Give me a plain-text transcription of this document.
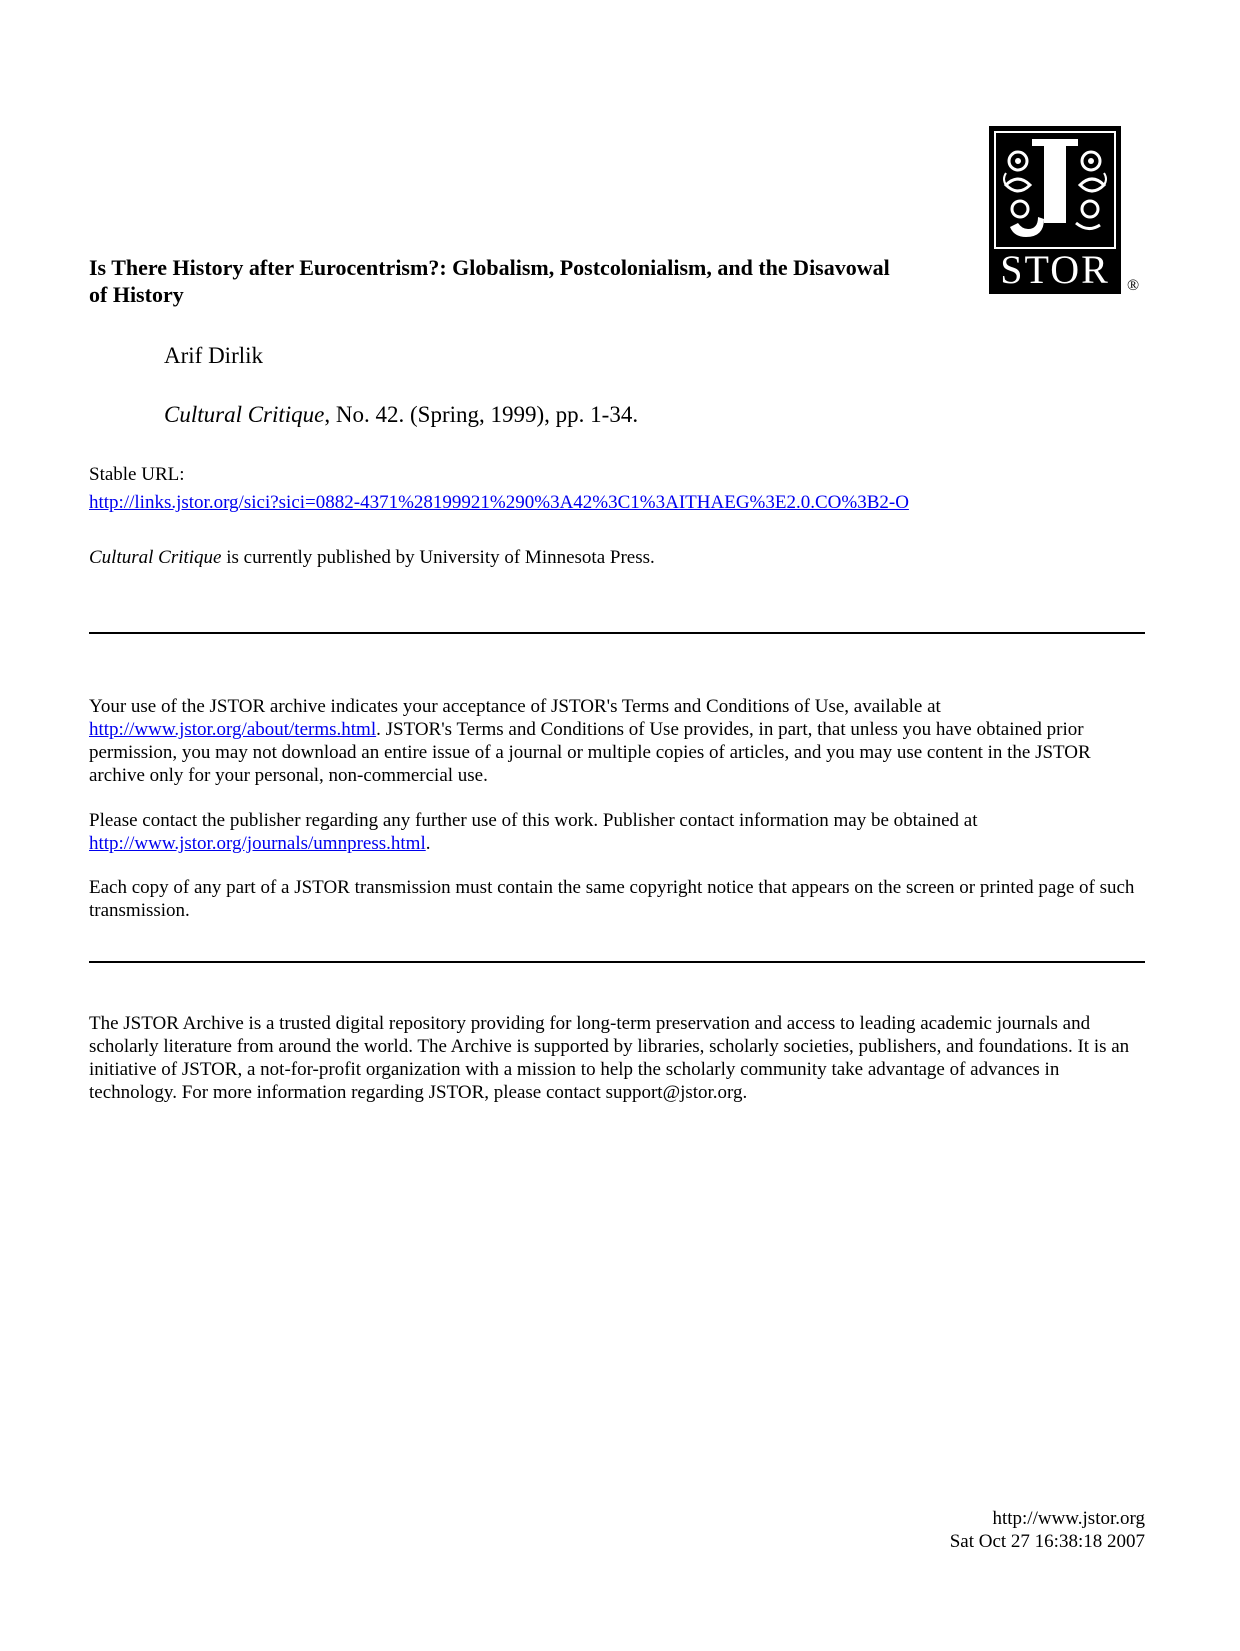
STOR	®
Is There History after Eurocentrism?: Globalism, Postcolonialism, and the Disavowal of History
Arif Dirlik
Cultural Critique, No. 42. (Spring, 1999), pp. 1-34.
Stable URL:
http://links.jstor.org/sici?sici=0882-4371%28199921%290%3A42%3C1%3AITHAEG%3E2.0.CO%3B2-O
Cultural Critique is currently published by University of Minnesota Press.

Your use of the JSTOR archive indicates your acceptance of JSTOR's Terms and Conditions of Use, available at http://www.jstor.org/about/terms.html. JSTOR's Terms and Conditions of Use provides, in part, that unless you have obtained prior permission, you may not download an entire issue of a journal or multiple copies of articles, and you may use content in the JSTOR archive only for your personal, non-commercial use.

Please contact the publisher regarding any further use of this work. Publisher contact information may be obtained at http://www.jstor.org/journals/umnpress.html.

Each copy of any part of a JSTOR transmission must contain the same copyright notice that appears on the screen or printed page of such transmission.

The JSTOR Archive is a trusted digital repository providing for long-term preservation and access to leading academic journals and scholarly literature from around the world. The Archive is supported by libraries, scholarly societies, publishers, and foundations. It is an initiative of JSTOR, a not-for-profit organization with a mission to help the scholarly community take advantage of advances in technology. For more information regarding JSTOR, please contact support@jstor.org.

http://www.jstor.org
Sat Oct 27 16:38:18 2007
